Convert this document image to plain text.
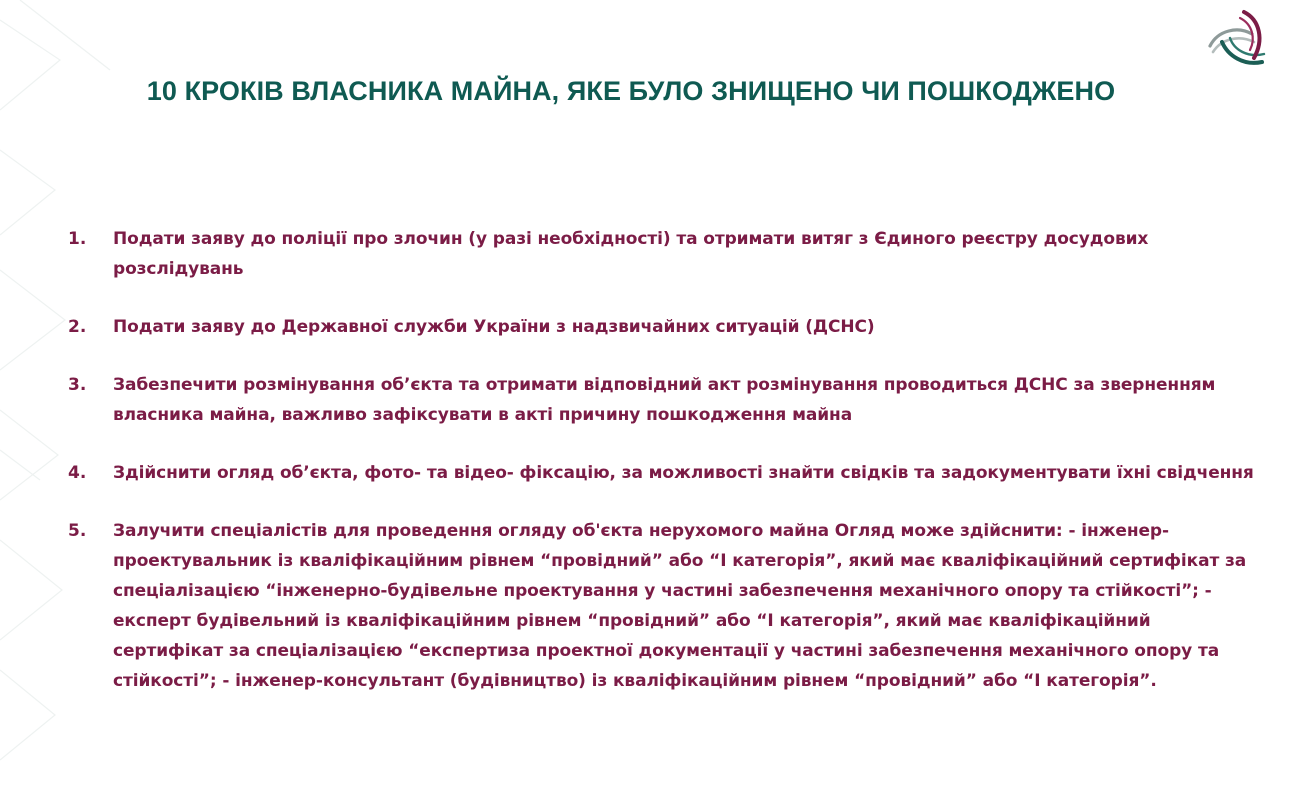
10 КРОКІВ ВЛАСНИКА МАЙНА, ЯКЕ БУЛО ЗНИЩЕНО ЧИ ПОШКОДЖЕНО
1.	Подати заяву до поліції про злочин (у разі необхідності) та отримати витяг з Єдиного реєстру досудових розслідувань
2.	Подати заяву до Державної служби України з надзвичайних ситуацій (ДСНС)
3.	Забезпечити розмінування об’єкта та отримати відповідний акт розмінування проводиться ДСНС за зверненням власника майна, важливо зафіксувати в акті причину пошкодження майна
4.	Здійснити огляд об’єкта, фото- та відео- фіксацію, за можливості знайти свідків та задокументувати їхні свідчення
5.	Залучити спеціалістів для проведення огляду об'єкта нерухомого майна Огляд може здійснити: - інженер-проектувальник із кваліфікаційним рівнем “провідний” або “І категорія”, який має кваліфікаційний сертифікат за спеціалізацією “інженерно-будівельне проектування у частині забезпечення механічного опору та стійкості”; - експерт будівельний із кваліфікаційним рівнем “провідний” або “І категорія”, який має кваліфікаційний сертифікат за спеціалізацією “експертиза проектної документації у частині забезпечення механічного опору та стійкості”; - інженер-консультант (будівництво) із кваліфікаційним рівнем “провідний” або “І категорія”.
